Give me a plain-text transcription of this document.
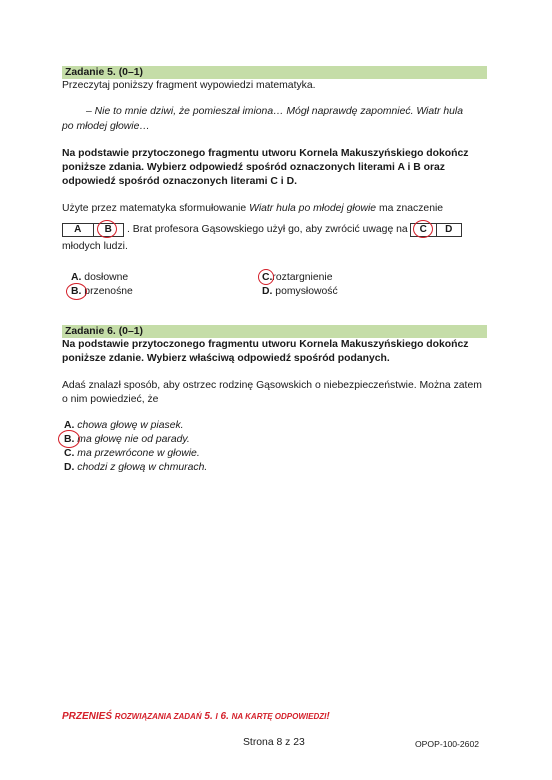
Zadanie 5. (0–1)
Przeczytaj poniższy fragment wypowiedzi matematyka.
– Nie to mnie dziwi, że pomieszał imiona… Mógł naprawdę zapomnieć. Wiatr hula
po młodej głowie…
Na podstawie przytoczonego fragmentu utworu Kornela Makuszyńskiego dokończ
poniższe zdania. Wybierz odpowiedź spośród oznaczonych literami A i B oraz
odpowiedź spośród oznaczonych literami C i D.
Użyte przez matematyka sformułowanie Wiatr hula po młodej głowie ma znaczenie
A	B	. Brat profesora Gąsowskiego użył go, aby zwrócić uwagę na	C	D
młodych ludzi.
A. dosłowne
B. przenośne
C.roztargnienie
D. pomysłowość
Zadanie 6. (0–1)
Na podstawie przytoczonego fragmentu utworu Kornela Makuszyńskiego dokończ
poniższe zdanie. Wybierz właściwą odpowiedź spośród podanych.
Adaś znalazł sposób, aby ostrzec rodzinę Gąsowskich o niebezpieczeństwie. Można zatem
o nim powiedzieć, że
A. chowa głowę w piasek.
B. ma głowę nie od parady.
C. ma przewrócone w głowie.
D. chodzi z głową w chmurach.
PRZENIEŚ ROZWIĄZANIA ZADAŃ 5. I 6. NA KARTĘ ODPOWIEDZI!
Strona 8 z 23	OPOP-100-2602
